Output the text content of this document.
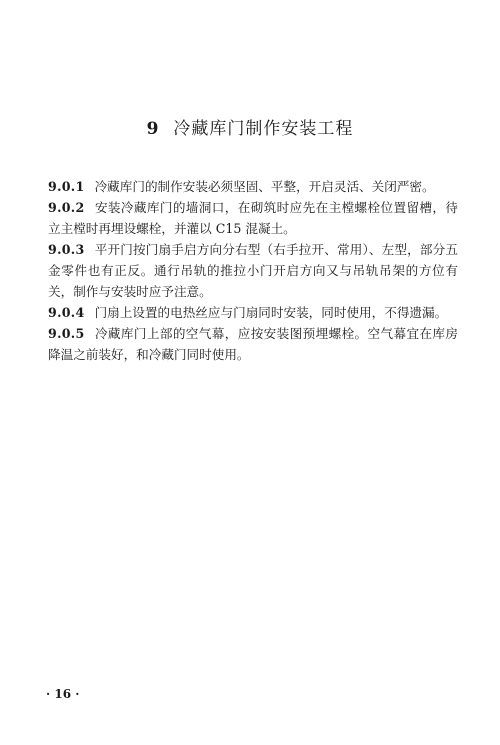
9 冷藏库门制作安装工程

9.0.1 冷藏库门的制作安装必须坚固、平整，开启灵活、关闭严密。

9.0.2 安装冷藏库门的墙洞口，在砌筑时应先在主樘螺栓位置留槽，待立主樘时再埋设螺栓，并灌以 C15 混凝土。

9.0.3 平开门按门扇手启方向分右型（右手拉开、常用）、左型，部分五金零件也有正反。通行吊轨的推拉小门开启方向又与吊轨吊架的方位有关，制作与安装时应予注意。

9.0.4 门扇上设置的电热丝应与门扇同时安装，同时使用，不得遗漏。

9.0.5 冷藏库门上部的空气幕，应按安装图预埋螺栓。空气幕宜在库房降温之前装好，和冷藏门同时使用。

· 16 ·
